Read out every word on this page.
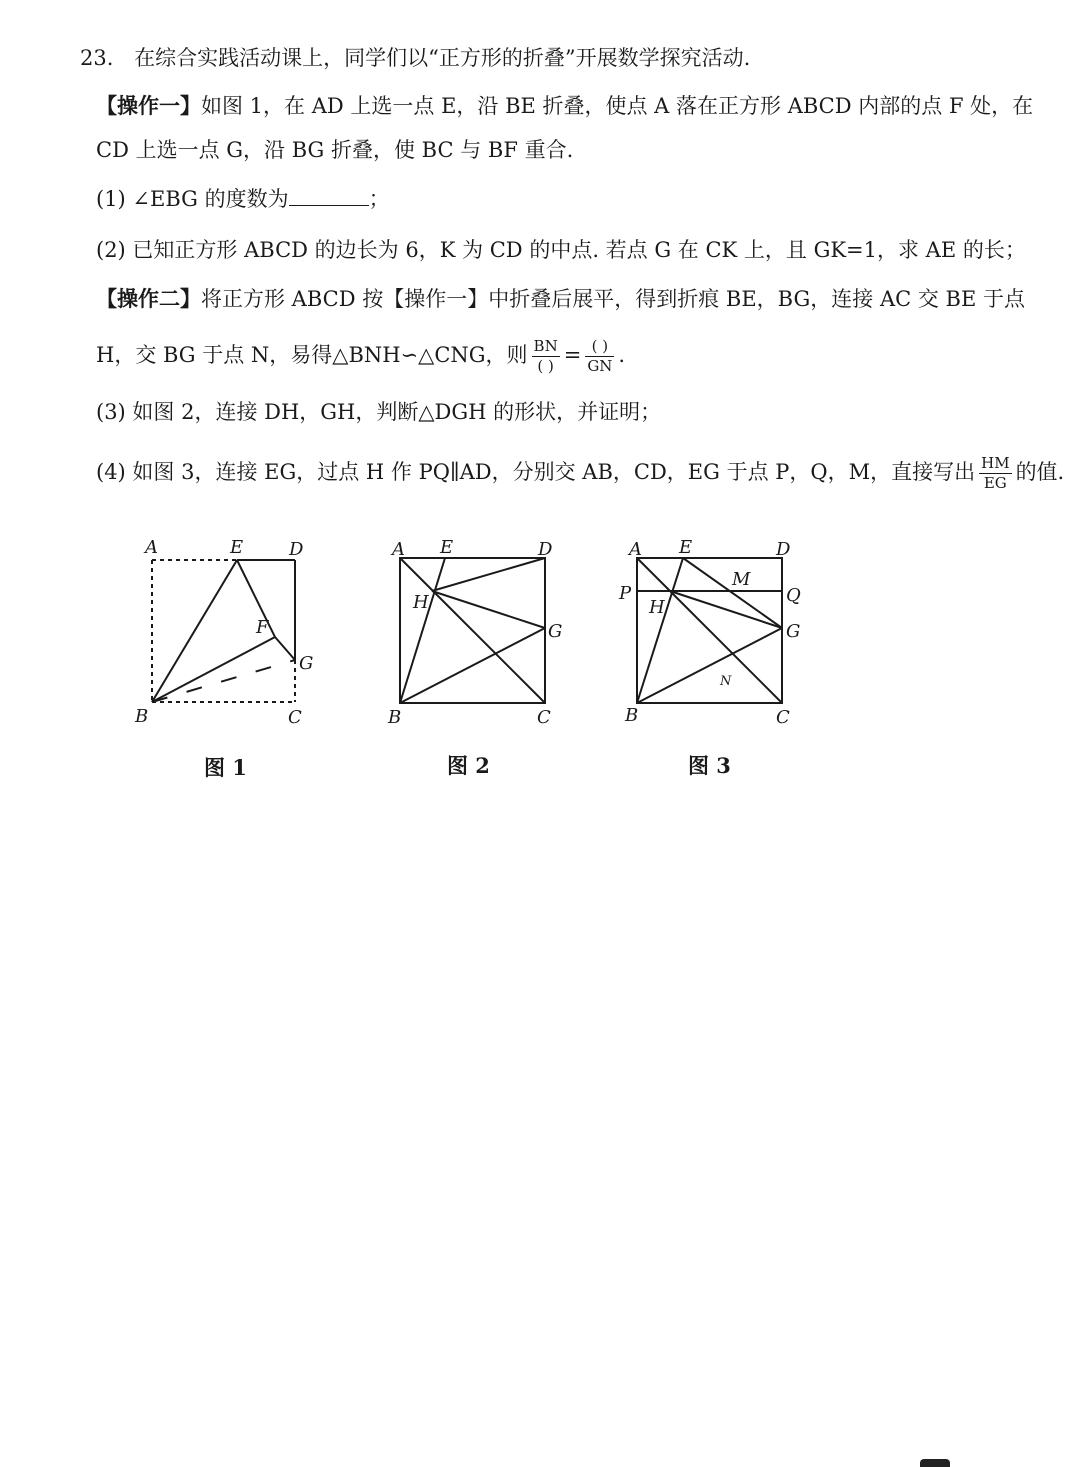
23. 在综合实践活动课上，同学们以“正方形的折叠”开展数学探究活动.
【操作一】如图 1，在 AD 上选一点 E，沿 BE 折叠，使点 A 落在正方形 ABCD 内部的点 F 处，在
CD 上选一点 G，沿 BG 折叠，使 BC 与 BF 重合.
(1) ∠EBG 的度数为	；
(2) 已知正方形 ABCD 的边长为 6，K 为 CD 的中点. 若点 G 在 CK 上，且 GK=1，求 AE 的长；
【操作二】将正方形 ABCD 按【操作一】中折叠后展平，得到折痕 BE，BG，连接 AC 交 BE 于点
H，交 BG 于点 N，易得△BNH∽△CNG，则 $\frac{BN}{( )} = \frac{( )}{GN}$ .
(3) 如图 2，连接 DH，GH，判断△DGH 的形状，并证明；
(4) 如图 3，连接 EG，过点 H 作 PQ∥AD，分别交 AB，CD，EG 于点 P，Q，M，直接写出 $\frac{HM}{EG}$ 的值.
A	E	D
F
G
B	C
图 1
A E	D
H
G
B	C
图 2
A E	D
M
P	Q
H
G
N
B	C
图 3
